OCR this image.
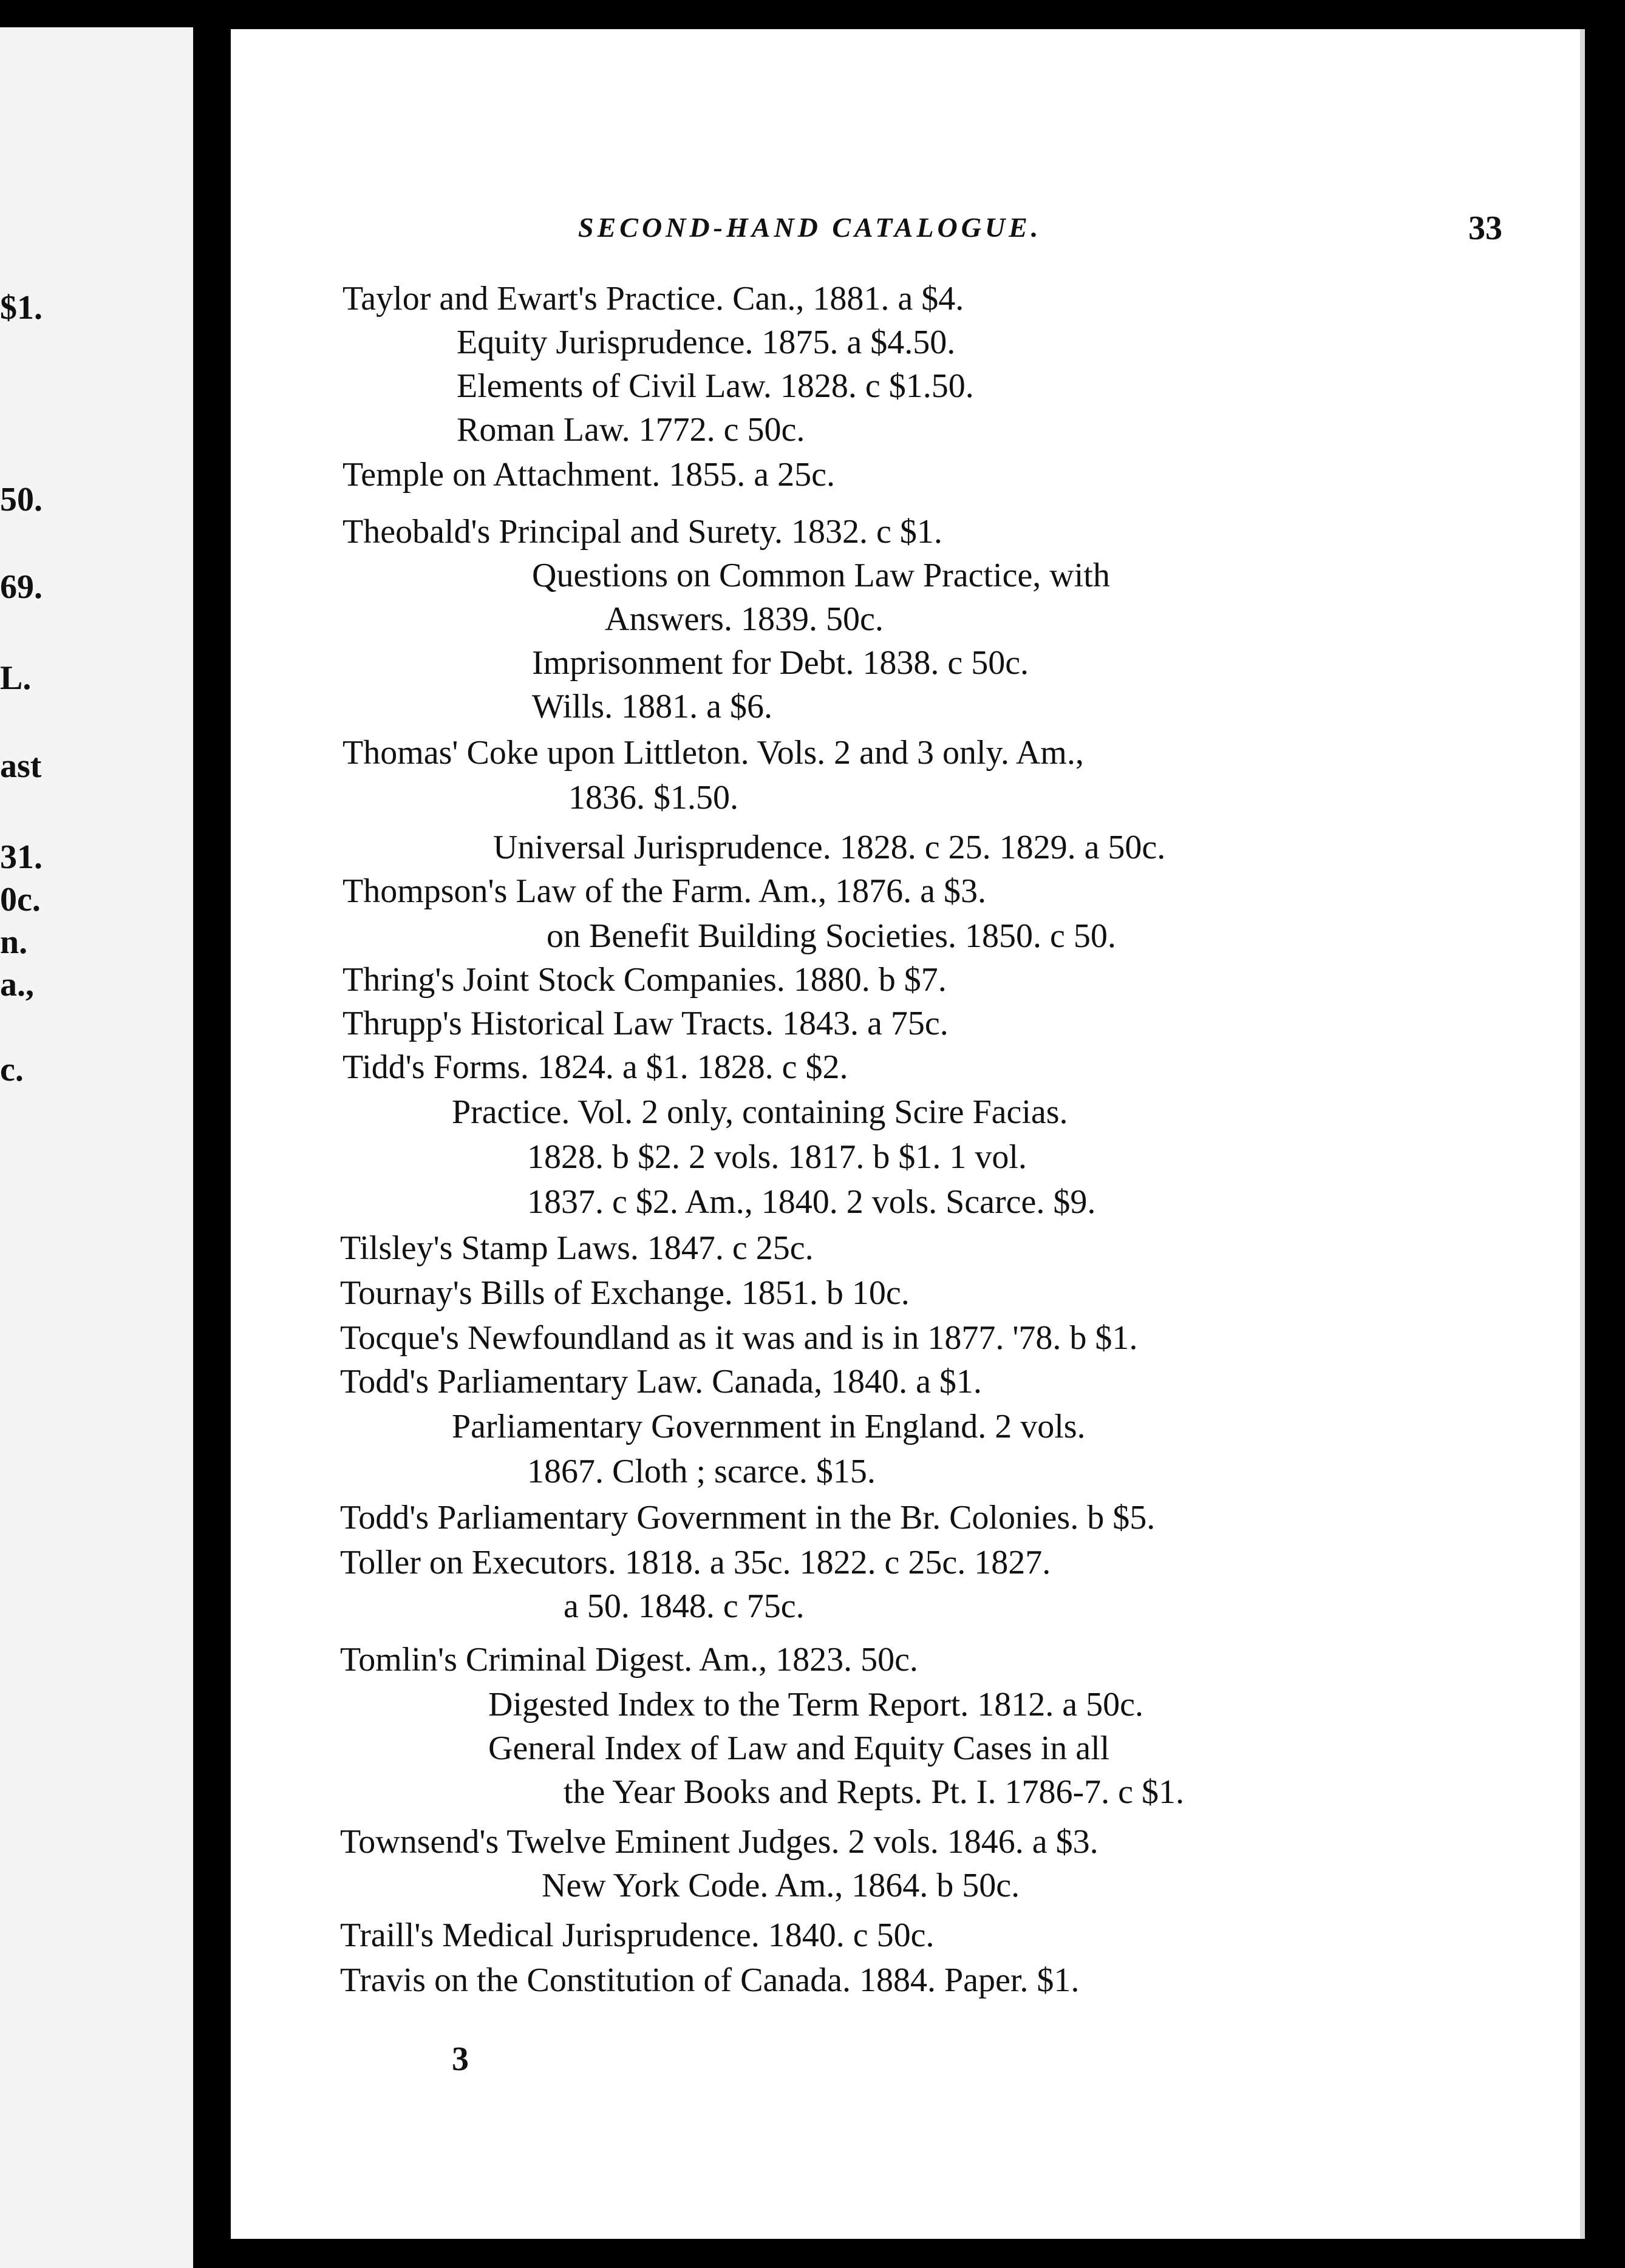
$1.
50.
69.
L.
ast
31.
0c.
n.
a.,
c.
SECOND-HAND CATALOGUE.	33
Taylor and Ewart's Practice. Can., 1881. a $4.
Equity Jurisprudence. 1875. a $4.50.
Elements of Civil Law. 1828. c $1.50.
Roman Law. 1772. c 50c.
Temple on Attachment. 1855. a 25c.
Theobald's Principal and Surety. 1832. c $1.
Questions on Common Law Practice, with
Answers. 1839. 50c.
Imprisonment for Debt. 1838. c 50c.
Wills. 1881. a $6.
Thomas' Coke upon Littleton. Vols. 2 and 3 only. Am.,
1836. $1.50.
Universal Jurisprudence. 1828. c 25. 1829. a 50c.
Thompson's Law of the Farm. Am., 1876. a $3.
on Benefit Building Societies. 1850. c 50.
Thring's Joint Stock Companies. 1880. b $7.
Thrupp's Historical Law Tracts. 1843. a 75c.
Tidd's Forms. 1824. a $1. 1828. c $2.
Practice. Vol. 2 only, containing Scire Facias.
1828. b $2. 2 vols. 1817. b $1. 1 vol.
1837. c $2. Am., 1840. 2 vols. Scarce. $9.
Tilsley's Stamp Laws. 1847. c 25c.
Tournay's Bills of Exchange. 1851. b 10c.
Tocque's Newfoundland as it was and is in 1877. '78. b $1.
Todd's Parliamentary Law. Canada, 1840. a $1.
Parliamentary Government in England. 2 vols.
1867. Cloth ; scarce. $15.
Todd's Parliamentary Government in the Br. Colonies. b $5.
Toller on Executors. 1818. a 35c. 1822. c 25c. 1827.
a 50. 1848. c 75c.
Tomlin's Criminal Digest. Am., 1823. 50c.
Digested Index to the Term Report. 1812. a 50c.
General Index of Law and Equity Cases in all
the Year Books and Repts. Pt. I. 1786-7. c $1.
Townsend's Twelve Eminent Judges. 2 vols. 1846. a $3.
New York Code. Am., 1864. b 50c.
Traill's Medical Jurisprudence. 1840. c 50c.
Travis on the Constitution of Canada. 1884. Paper. $1.
3
